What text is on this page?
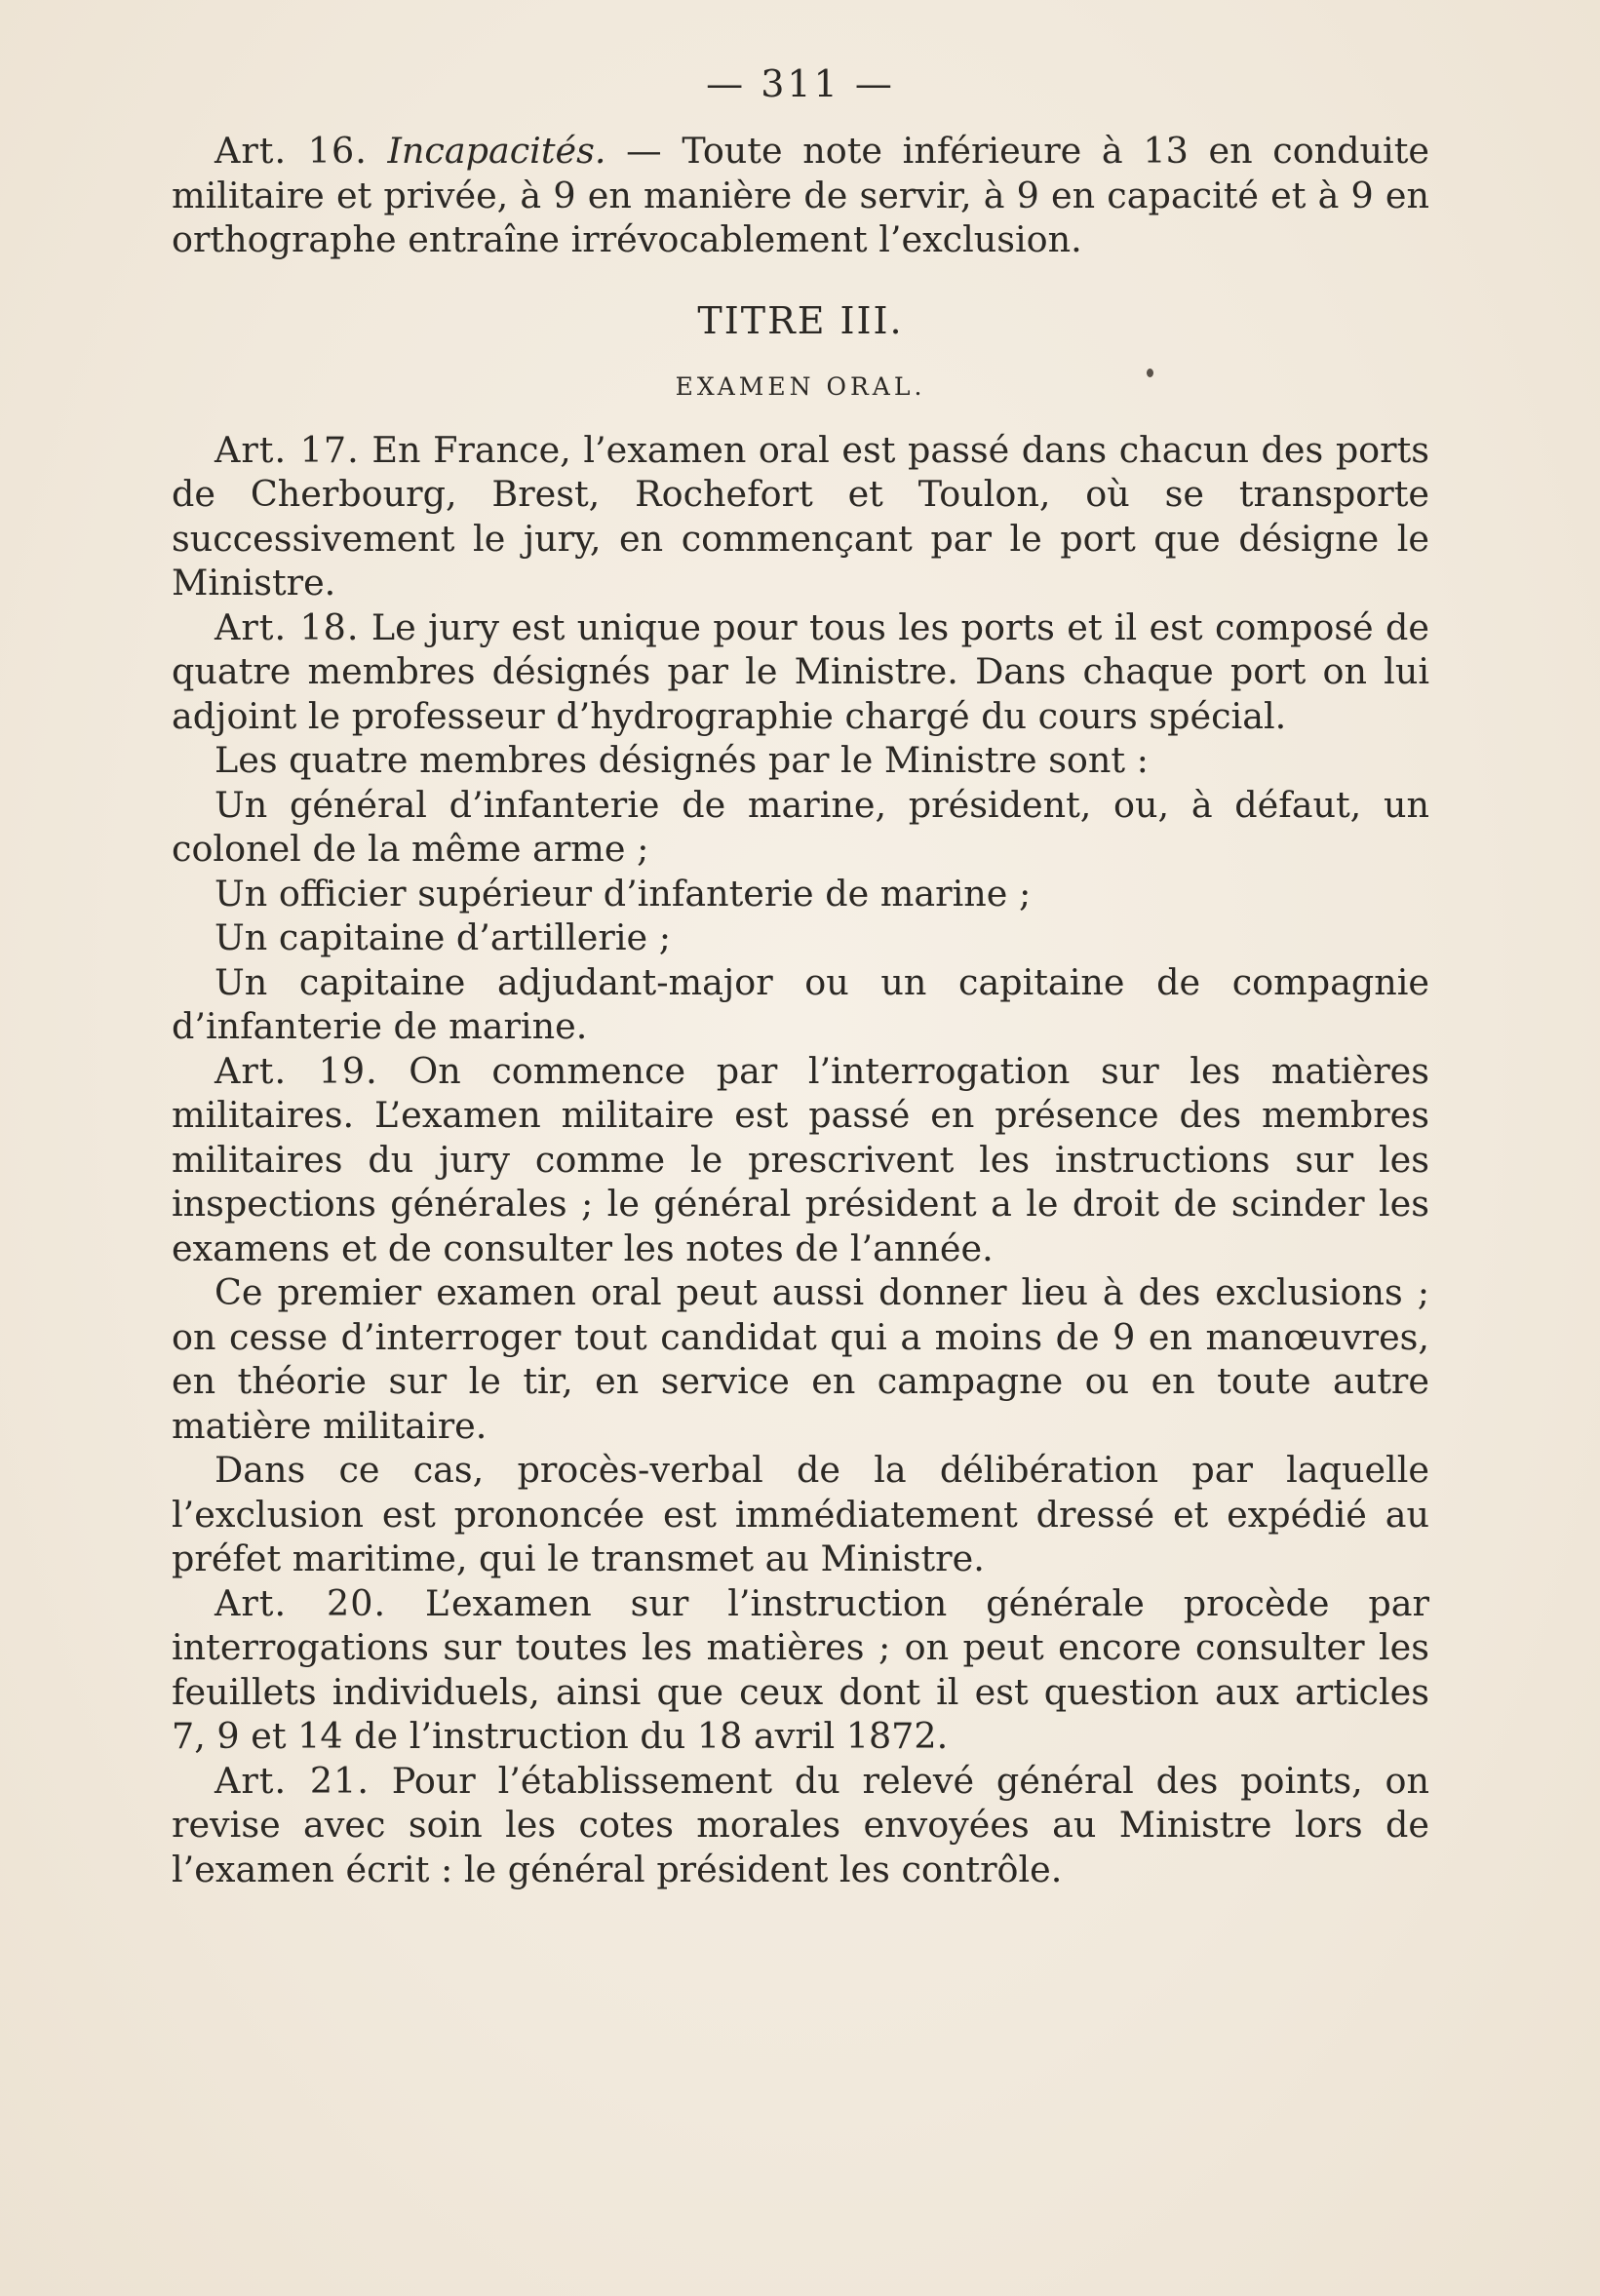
— 311 —

Art. 16. Incapacités. — Toute note inférieure à 13 en conduite militaire et privée, à 9 en manière de servir, à 9 en capacité et à 9 en orthographe entraîne irrévocablement l’exclusion.

TITRE III.
EXAMEN ORAL.

Art. 17. En France, l’examen oral est passé dans chacun des ports de Cherbourg, Brest, Rochefort et Toulon, où se transporte successivement le jury, en commençant par le port que désigne le Ministre.

Art. 18. Le jury est unique pour tous les ports et il est composé de quatre membres désignés par le Ministre. Dans chaque port on lui adjoint le professeur d’hydrographie chargé du cours spécial.

Les quatre membres désignés par le Ministre sont :

Un général d’infanterie de marine, président, ou, à défaut, un colonel de la même arme ;

Un officier supérieur d’infanterie de marine ;

Un capitaine d’artillerie ;

Un capitaine adjudant-major ou un capitaine de compagnie d’infanterie de marine.

Art. 19. On commence par l’interrogation sur les matières militaires. L’examen militaire est passé en présence des membres militaires du jury comme le prescrivent les instructions sur les inspections générales ; le général président a le droit de scinder les examens et de consulter les notes de l’année.

Ce premier examen oral peut aussi donner lieu à des exclusions ; on cesse d’interroger tout candidat qui a moins de 9 en manœuvres, en théorie sur le tir, en service en campagne ou en toute autre matière militaire.

Dans ce cas, procès-verbal de la délibération par laquelle l’exclusion est prononcée est immédiatement dressé et expédié au préfet maritime, qui le transmet au Ministre.

Art. 20. L’examen sur l’instruction générale procède par interrogations sur toutes les matières ; on peut encore consulter les feuillets individuels, ainsi que ceux dont il est question aux articles 7, 9 et 14 de l’instruction du 18 avril 1872.

Art. 21. Pour l’établissement du relevé général des points, on revise avec soin les cotes morales envoyées au Ministre lors de l’examen écrit : le général président les contrôle.
